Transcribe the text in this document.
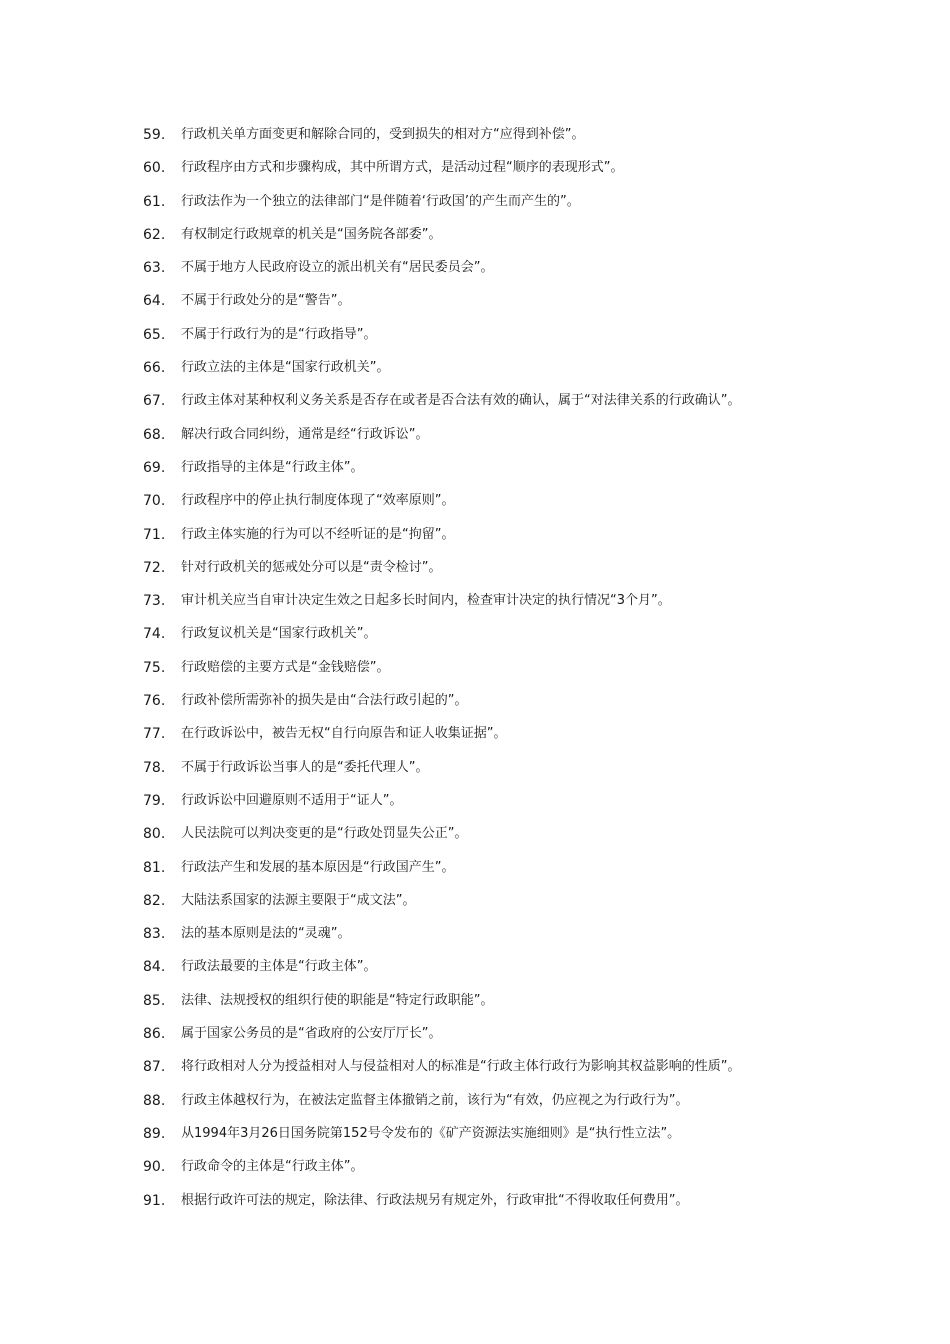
59.	行政机关单方面变更和解除合同的，受到损失的相对方“应得到补偿”。
60.	行政程序由方式和步骤构成，其中所谓方式，是活动过程“顺序的表现形式”。
61.	行政法作为一个独立的法律部门“是伴随着‘行政国’的产生而产生的”。
62.	有权制定行政规章的机关是“国务院各部委”。
63.	不属于地方人民政府设立的派出机关有“居民委员会”。
64.	不属于行政处分的是“警告”。
65.	不属于行政行为的是“行政指导”。
66.	行政立法的主体是“国家行政机关”。
67.	行政主体对某种权利义务关系是否存在或者是否合法有效的确认，属于“对法律关系的行政确认”。
68.	解决行政合同纠纷，通常是经“行政诉讼”。
69.	行政指导的主体是“行政主体”。
70.	行政程序中的停止执行制度体现了“效率原则”。
71.	行政主体实施的行为可以不经听证的是“拘留”。
72.	针对行政机关的惩戒处分可以是“责令检讨”。
73.	审计机关应当自审计决定生效之日起多长时间内，检查审计决定的执行情况“3个月”。
74.	行政复议机关是“国家行政机关”。
75.	行政赔偿的主要方式是“金钱赔偿”。
76.	行政补偿所需弥补的损失是由“合法行政引起的”。
77.	在行政诉讼中，被告无权“自行向原告和证人收集证据”。
78.	不属于行政诉讼当事人的是“委托代理人”。
79.	行政诉讼中回避原则不适用于“证人”。
80.	人民法院可以判决变更的是“行政处罚显失公正”。
81.	行政法产生和发展的基本原因是“行政国产生”。
82.	大陆法系国家的法源主要限于“成文法”。
83.	法的基本原则是法的“灵魂”。
84.	行政法最要的主体是“行政主体”。
85.	法律、法规授权的组织行使的职能是“特定行政职能”。
86.	属于国家公务员的是“省政府的公安厅厅长”。
87.	将行政相对人分为授益相对人与侵益相对人的标准是“行政主体行政行为影响其权益影响的性质”。
88.	行政主体越权行为，在被法定监督主体撤销之前，该行为“有效，仍应视之为行政行为”。
89.	从1994年3月26日国务院第152号令发布的《矿产资源法实施细则》是“执行性立法”。
90.	行政命令的主体是“行政主体”。
91.	根据行政许可法的规定，除法律、行政法规另有规定外，行政审批“不得收取任何费用”。
